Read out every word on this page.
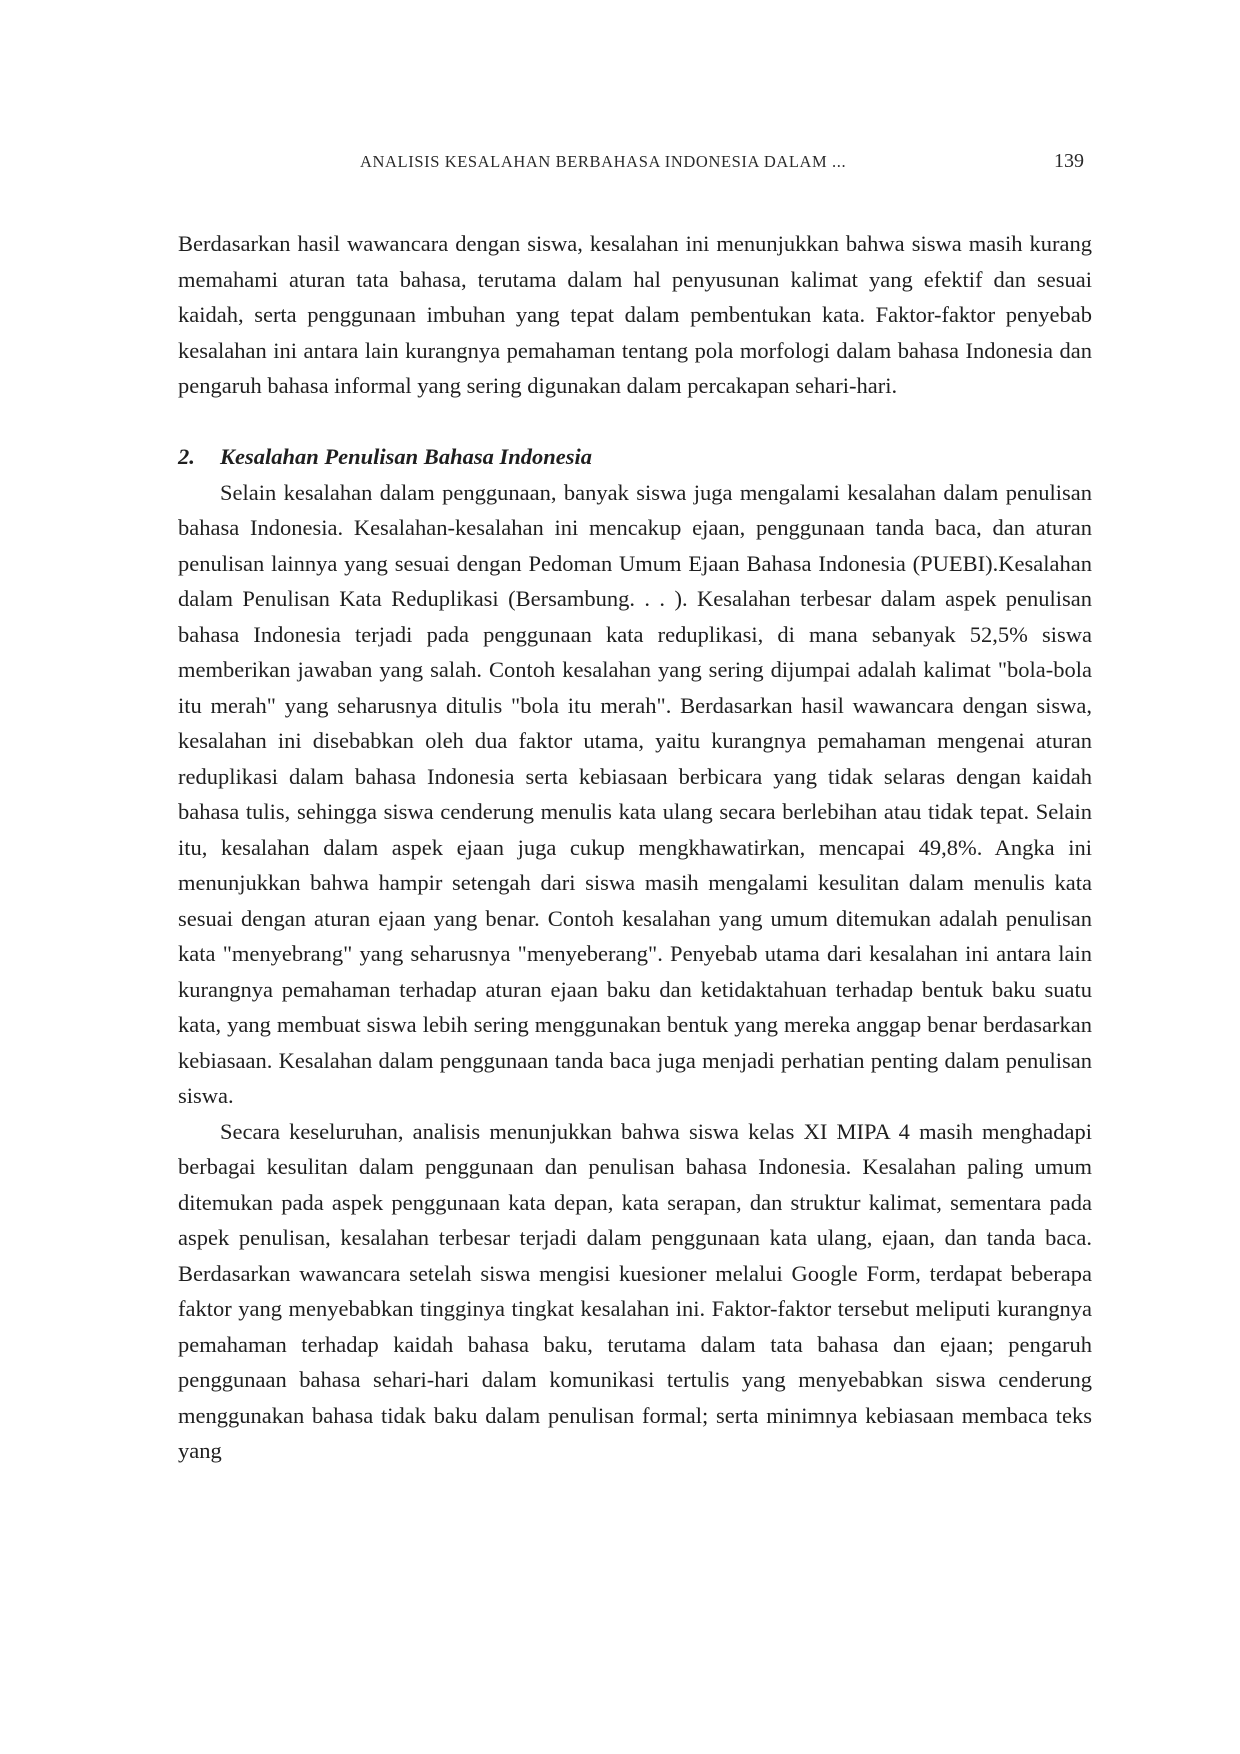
ANALISIS KESALAHAN BERBAHASA INDONESIA DALAM ...	139

Berdasarkan hasil wawancara dengan siswa, kesalahan ini menunjukkan bahwa siswa masih kurang memahami aturan tata bahasa, terutama dalam hal penyusunan kalimat yang efektif dan sesuai kaidah, serta penggunaan imbuhan yang tepat dalam pembentukan kata. Faktor-faktor penyebab kesalahan ini antara lain kurangnya pemahaman tentang pola morfologi dalam bahasa Indonesia dan pengaruh bahasa informal yang sering digunakan dalam percakapan sehari-hari.

2.	Kesalahan Penulisan Bahasa Indonesia

Selain kesalahan dalam penggunaan, banyak siswa juga mengalami kesalahan dalam penulisan bahasa Indonesia. Kesalahan-kesalahan ini mencakup ejaan, penggunaan tanda baca, dan aturan penulisan lainnya yang sesuai dengan Pedoman Umum Ejaan Bahasa Indonesia (PUEBI).Kesalahan dalam Penulisan Kata Reduplikasi (Bersambung. . . ). Kesalahan terbesar dalam aspek penulisan bahasa Indonesia terjadi pada penggunaan kata reduplikasi, di mana sebanyak 52,5% siswa memberikan jawaban yang salah. Contoh kesalahan yang sering dijumpai adalah kalimat "bola-bola itu merah" yang seharusnya ditulis "bola itu merah". Berdasarkan hasil wawancara dengan siswa, kesalahan ini disebabkan oleh dua faktor utama, yaitu kurangnya pemahaman mengenai aturan reduplikasi dalam bahasa Indonesia serta kebiasaan berbicara yang tidak selaras dengan kaidah bahasa tulis, sehingga siswa cenderung menulis kata ulang secara berlebihan atau tidak tepat. Selain itu, kesalahan dalam aspek ejaan juga cukup mengkhawatirkan, mencapai 49,8%. Angka ini menunjukkan bahwa hampir setengah dari siswa masih mengalami kesulitan dalam menulis kata sesuai dengan aturan ejaan yang benar. Contoh kesalahan yang umum ditemukan adalah penulisan kata "menyebrang" yang seharusnya "menyeberang". Penyebab utama dari kesalahan ini antara lain kurangnya pemahaman terhadap aturan ejaan baku dan ketidaktahuan terhadap bentuk baku suatu kata, yang membuat siswa lebih sering menggunakan bentuk yang mereka anggap benar berdasarkan kebiasaan. Kesalahan dalam penggunaan tanda baca juga menjadi perhatian penting dalam penulisan siswa.

Secara keseluruhan, analisis menunjukkan bahwa siswa kelas XI MIPA 4 masih menghadapi berbagai kesulitan dalam penggunaan dan penulisan bahasa Indonesia. Kesalahan paling umum ditemukan pada aspek penggunaan kata depan, kata serapan, dan struktur kalimat, sementara pada aspek penulisan, kesalahan terbesar terjadi dalam penggunaan kata ulang, ejaan, dan tanda baca. Berdasarkan wawancara setelah siswa mengisi kuesioner melalui Google Form, terdapat beberapa faktor yang menyebabkan tingginya tingkat kesalahan ini. Faktor-faktor tersebut meliputi kurangnya pemahaman terhadap kaidah bahasa baku, terutama dalam tata bahasa dan ejaan; pengaruh penggunaan bahasa sehari-hari dalam komunikasi tertulis yang menyebabkan siswa cenderung menggunakan bahasa tidak baku dalam penulisan formal; serta minimnya kebiasaan membaca teks yang
